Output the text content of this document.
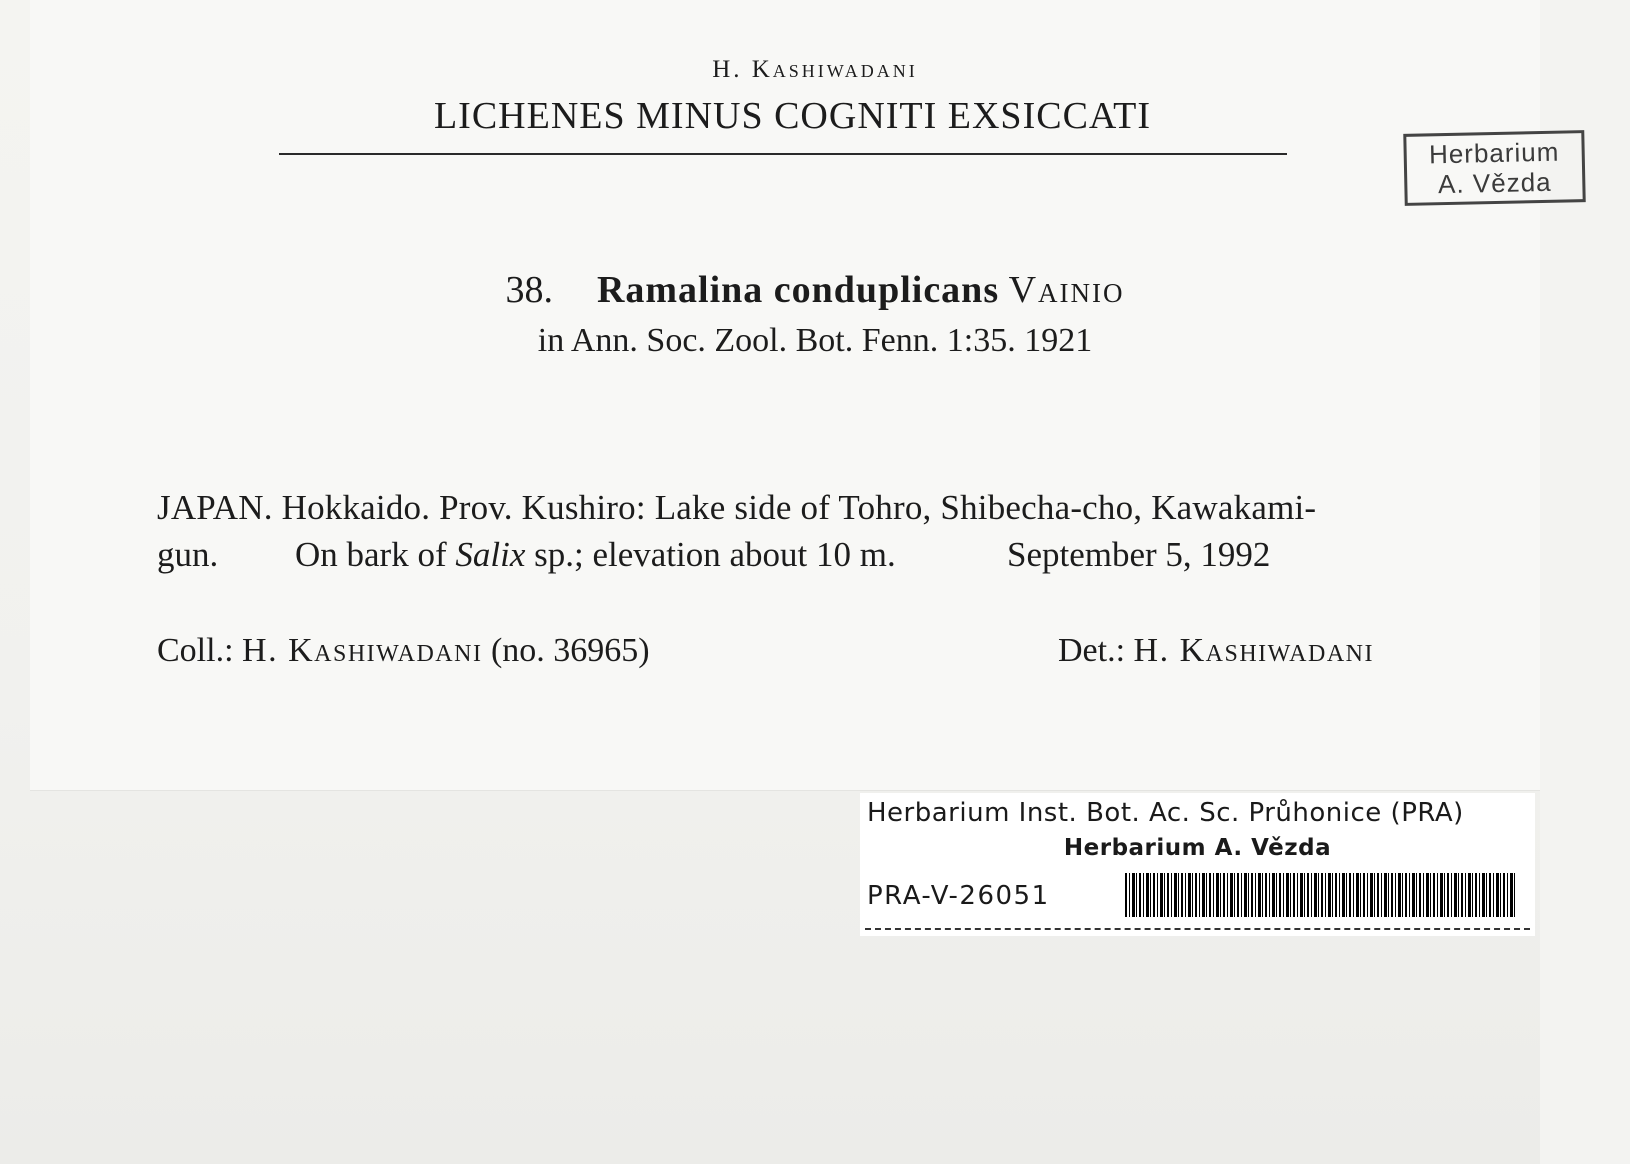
H. Kashiwadani
LICHENES MINUS COGNITI EXSICCATI
Herbarium
A. Vězda
38. Ramalina conduplicans Vainio
in Ann. Soc. Zool. Bot. Fenn. 1:35. 1921
JAPAN. Hokkaido. Prov. Kushiro: Lake side of Tohro, Shibecha-cho, Kawakami-
gun. On bark of Salix sp.; elevation about 10 m.	September 5, 1992
Coll.: H. Kashiwadani (no. 36965)	Det.: H. Kashiwadani
Herbarium Inst. Bot. Ac. Sc. Průhonice (PRA)
Herbarium A. Vězda
PRA-V-26051
